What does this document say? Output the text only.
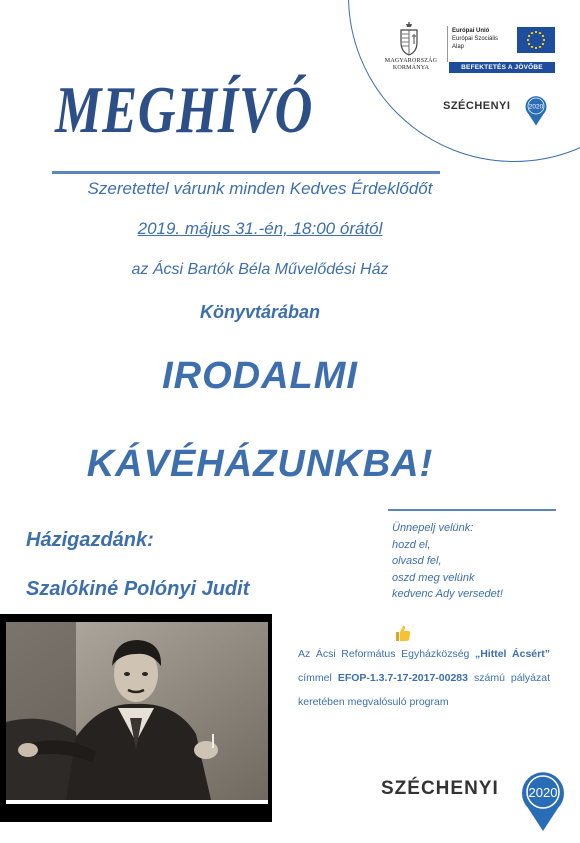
MAGYARORSZÁG KORMÁNYA
Európai Unió
Európai Szociális
Alap
BEFEKTETÉS A JÖVŐBE
SZÉCHENYI 2020
MEGHÍVÓ
Szeretettel várunk minden Kedves Érdeklődőt
2019. május 31.-én, 18:00 órától
az Ácsi Bartók Béla Művelődési Ház
Könyvtárában
IRODALMI
KÁVÉHÁZUNKBA!
Házigazdánk:
Szalókiné Polónyi Judit
Ünnepelj velünk:
hozd el,
olvasd fel,
oszd meg velünk
kedvenc Ady versedet!
Az Ácsi Református Egyházközség „Hittel Ácsért” címmel EFOP-1.3.7-17-2017-00283 számú pályázat keretében megvalósuló program
SZÉCHENYI 2020
